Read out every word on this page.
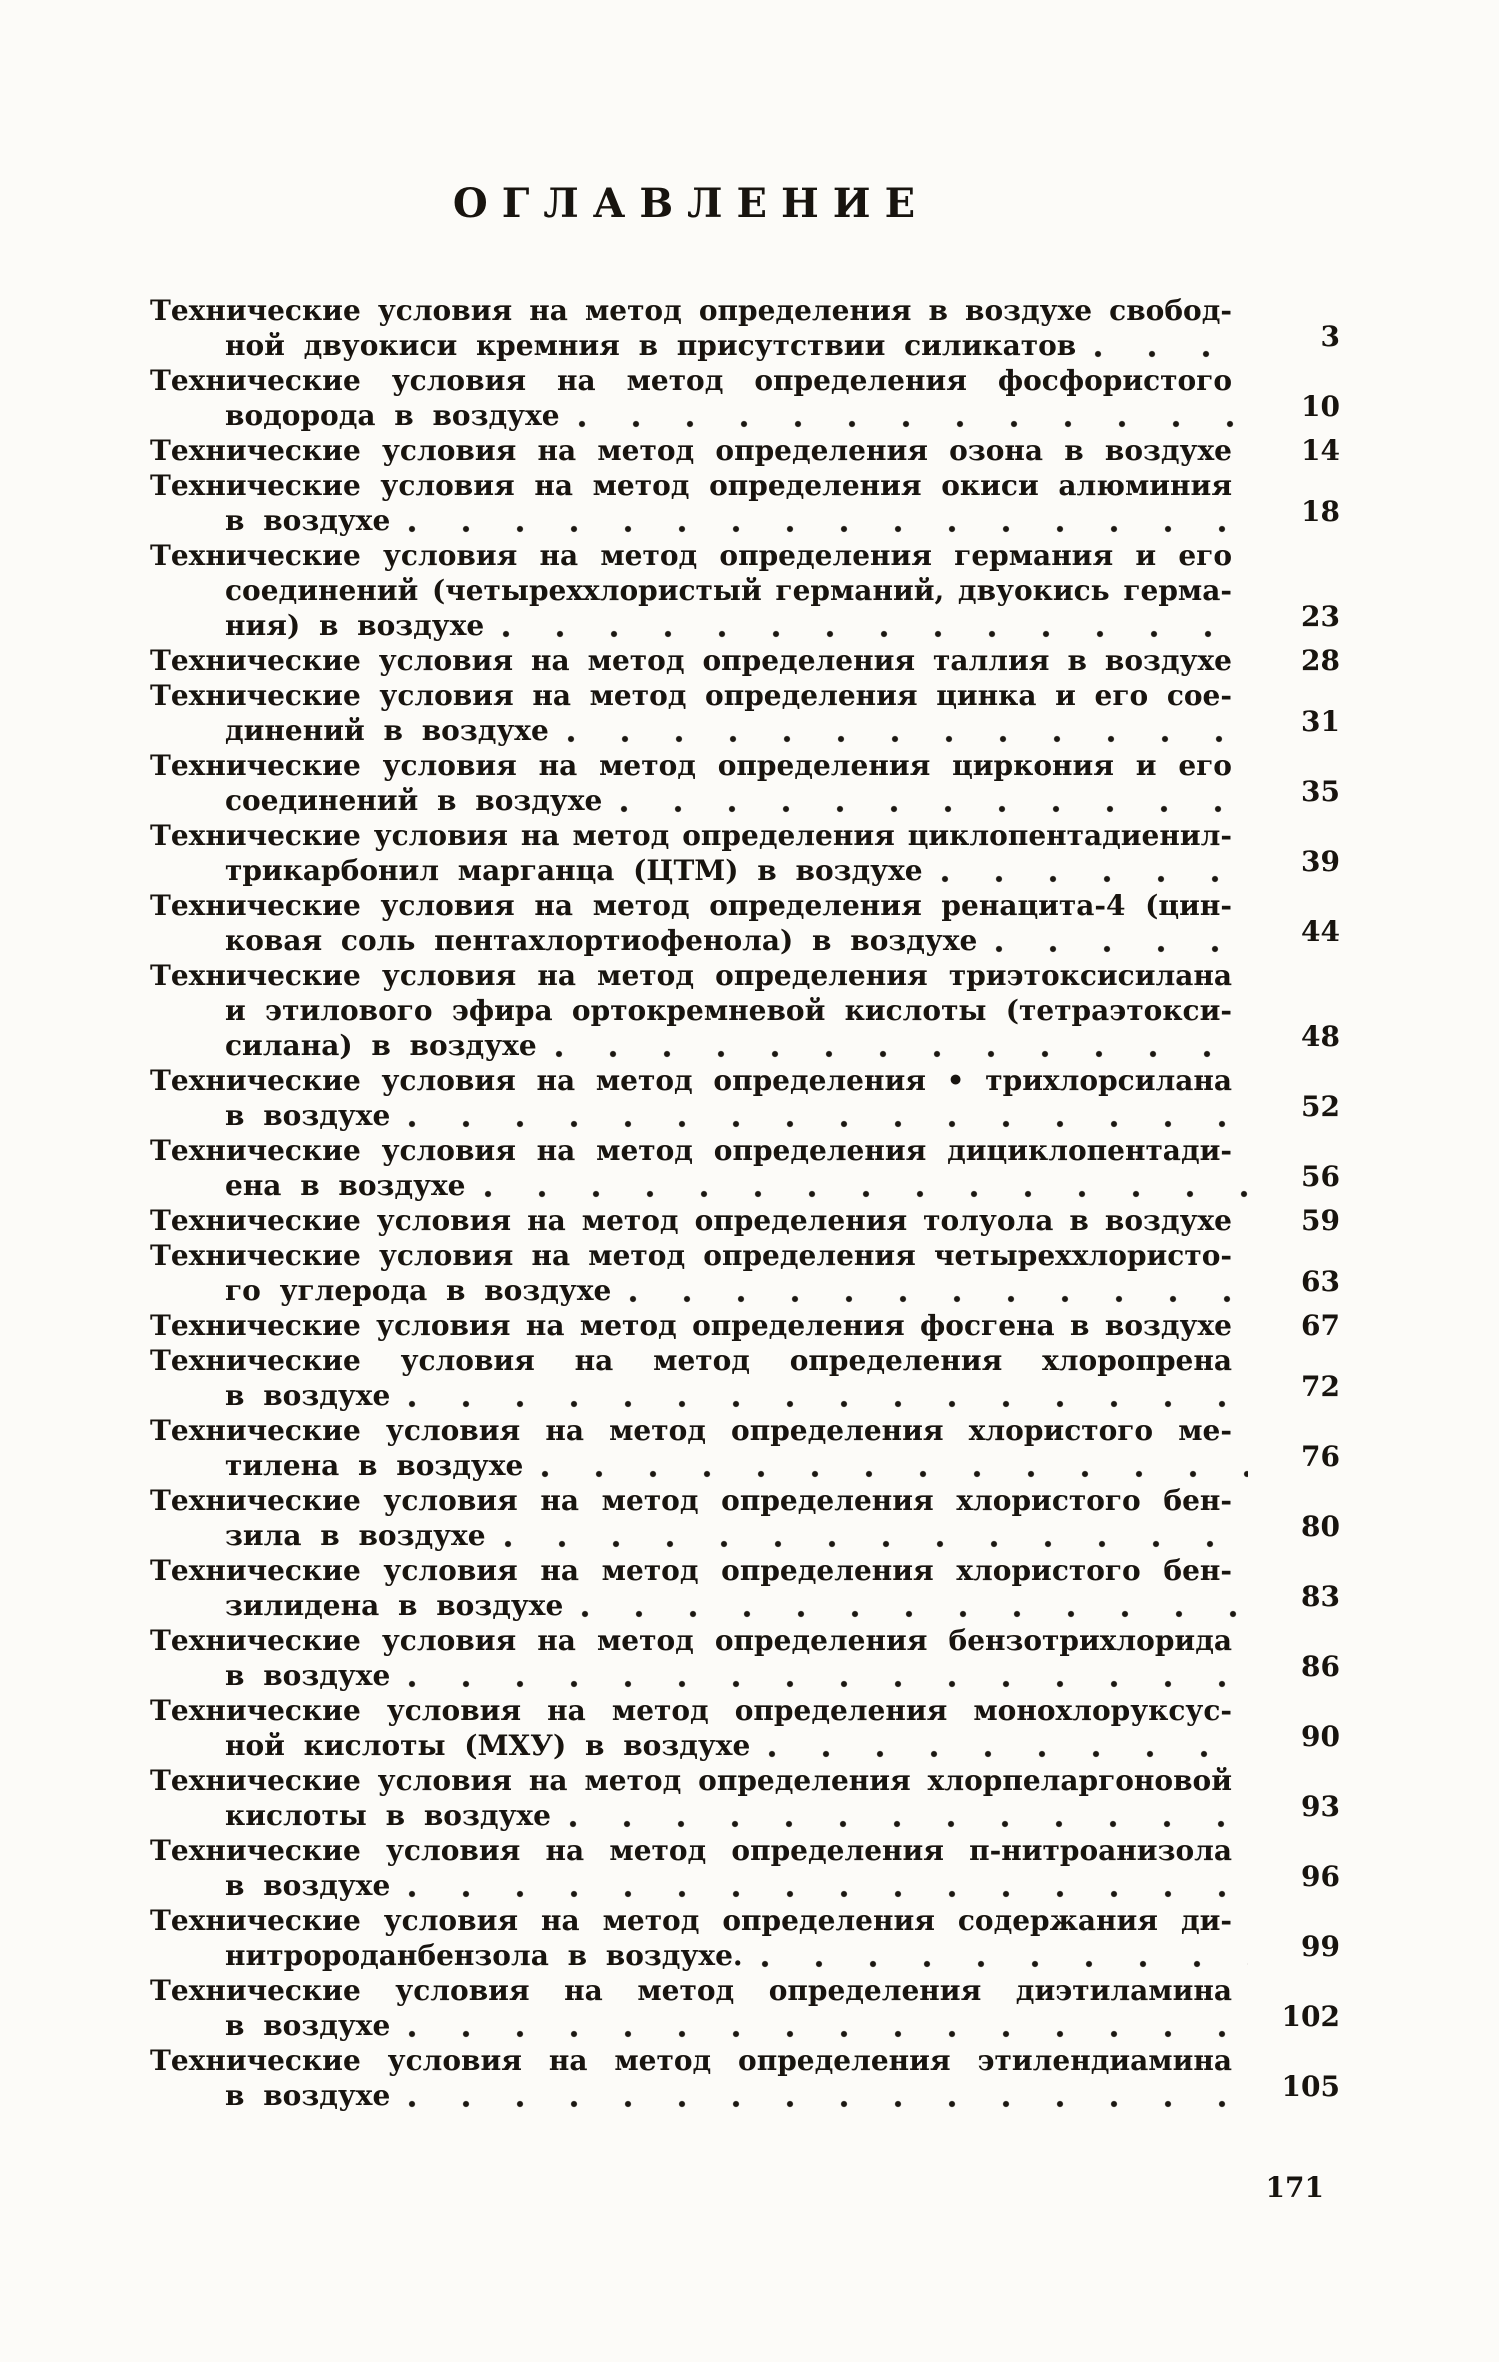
ОГЛАВЛЕНИЕ
Технические условия на метод определения в воздухе свобод-
ной двуокиси кремния в присутствии силикатов	3
Технические условия на метод определения фосфористого
водорода в воздухе	10
Технические условия на метод определения озона в воздухе	14
Технические условия на метод определения окиси алюминия
в воздухе	18
Технические условия на метод определения германия и его
соединений (четыреххлористый германий, двуокись герма-
ния) в воздухе	23
Технические условия на метод определения таллия в воздухе	28
Технические условия на метод определения цинка и его сое-
динений в воздухе	31
Технические условия на метод определения циркония и его
соединений в воздухе	35
Технические условия на метод определения циклопентадиенил-
трикарбонил марганца (ЦТМ) в воздухе	39
Технические условия на метод определения ренацита-4 (цин-
ковая соль пентахлортиофенола) в воздухе	44
Технические условия на метод определения триэтоксисилана
и этилового эфира ортокремневой кислоты (тетраэтокси-
силана) в воздухе	48
Технические условия на метод определения • трихлорсилана
в воздухе	52
Технические условия на метод определения дициклопентади-
ена в воздухе	56
Технические условия на метод определения толуола в воздухе	59
Технические условия на метод определения четыреххлористо-
го углерода в воздухе	63
Технические условия на метод определения фосгена в воздухе	67
Технические условия на метод определения хлоропрена
в воздухе	72
Технические условия на метод определения хлористого ме-
тилена в воздухе	76
Технические условия на метод определения хлористого бен-
зила в воздухе	80
Технические условия на метод определения хлористого бен-
зилидена в воздухе	83
Технические условия на метод определения бензотрихлорида
в воздухе	86
Технические условия на метод определения монохлоруксус-
ной кислоты (МХУ) в воздухе	90
Технические условия на метод определения хлорпеларгоновой
кислоты в воздухе	93
Технические условия на метод определения п-нитроанизола
в воздухе	96
Технические условия на метод определения содержания ди-
нитророданбензола в воздухе.	99
Технические условия на метод определения диэтиламина
в воздухе	102
Технические условия на метод определения этилендиамина
в воздухе	105
171
